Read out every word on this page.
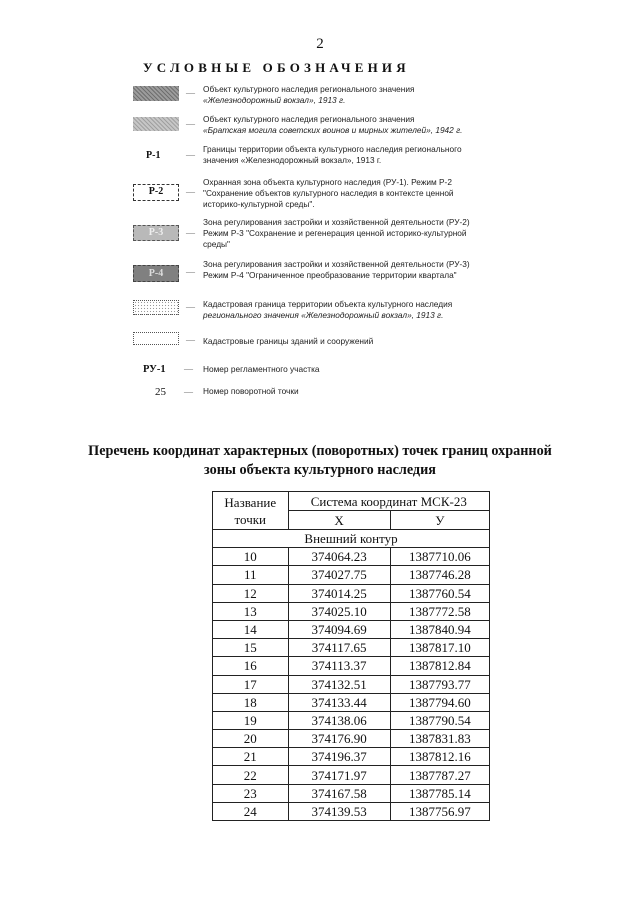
2
УСЛОВНЫЕ ОБОЗНАЧЕНИЯ
— Объект культурного наследия регионального значения
«Железнодорожный вокзал», 1913 г.
— Объект культурного наследия регионального значения
«Братская могила советских воинов и мирных жителей», 1942 г.
Р-1	—
Границы территории объекта культурного наследия регионального
значения «Железнодорожный вокзал», 1913 г.
Р-2	—
Охранная зона объекта культурного наследия (РУ-1). Режим Р-2
"Сохранение объектов культурного наследия в контексте ценной
историко-культурной среды".
Р-3	—
Зона регулирования застройки и хозяйственной деятельности (РУ-2)
Режим Р-3 "Сохранение и регенерация ценной историко-культурной
среды"
Р-4	—
Зона регулирования застройки и хозяйственной деятельности (РУ-3)
Режим Р-4 "Ограниченное преобразование территории квартала"
— Кадастровая граница территории объекта культурного наследия
регионального значения «Железнодорожный вокзал», 1913 г.
— Кадастровые границы зданий и сооружений
РУ-1 — Номер регламентного участка
25 — Номер поворотной точки
Перечень координат характерных (поворотных) точек границ охранной
зоны объекта культурного наследия
Название
точки	Система координат МСК-23	
	X	У
Внешний контур		
10	374064.23	1387710.06
11	374027.75	1387746.28
12	374014.25	1387760.54
13	374025.10	1387772.58
14	374094.69	1387840.94
15	374117.65	1387817.10
16	374113.37	1387812.84
17	374132.51	1387793.77
18	374133.44	1387794.60
19	374138.06	1387790.54
20	374176.90	1387831.83
21	374196.37	1387812.16
22	374171.97	1387787.27
23	374167.58	1387785.14
24	374139.53	1387756.97
